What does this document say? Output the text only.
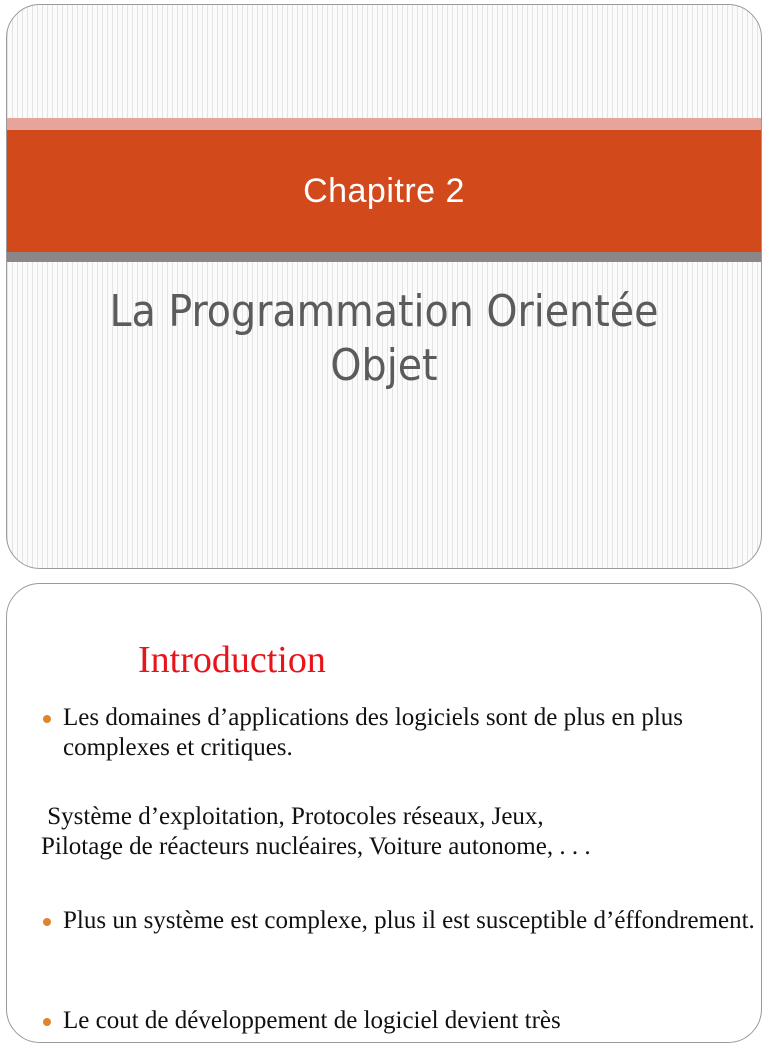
Chapitre 2
La Programmation Orientée
Objet
Introduction
Les domaines d’applications des logiciels sont de plus en plus complexes et critiques.
Système d’exploitation, Protocoles réseaux, Jeux,
Pilotage de réacteurs nucléaires, Voiture autonome, . . .
Plus un système est complexe, plus il est susceptible d’éffondrement.
Le cout de développement de logiciel devient très
